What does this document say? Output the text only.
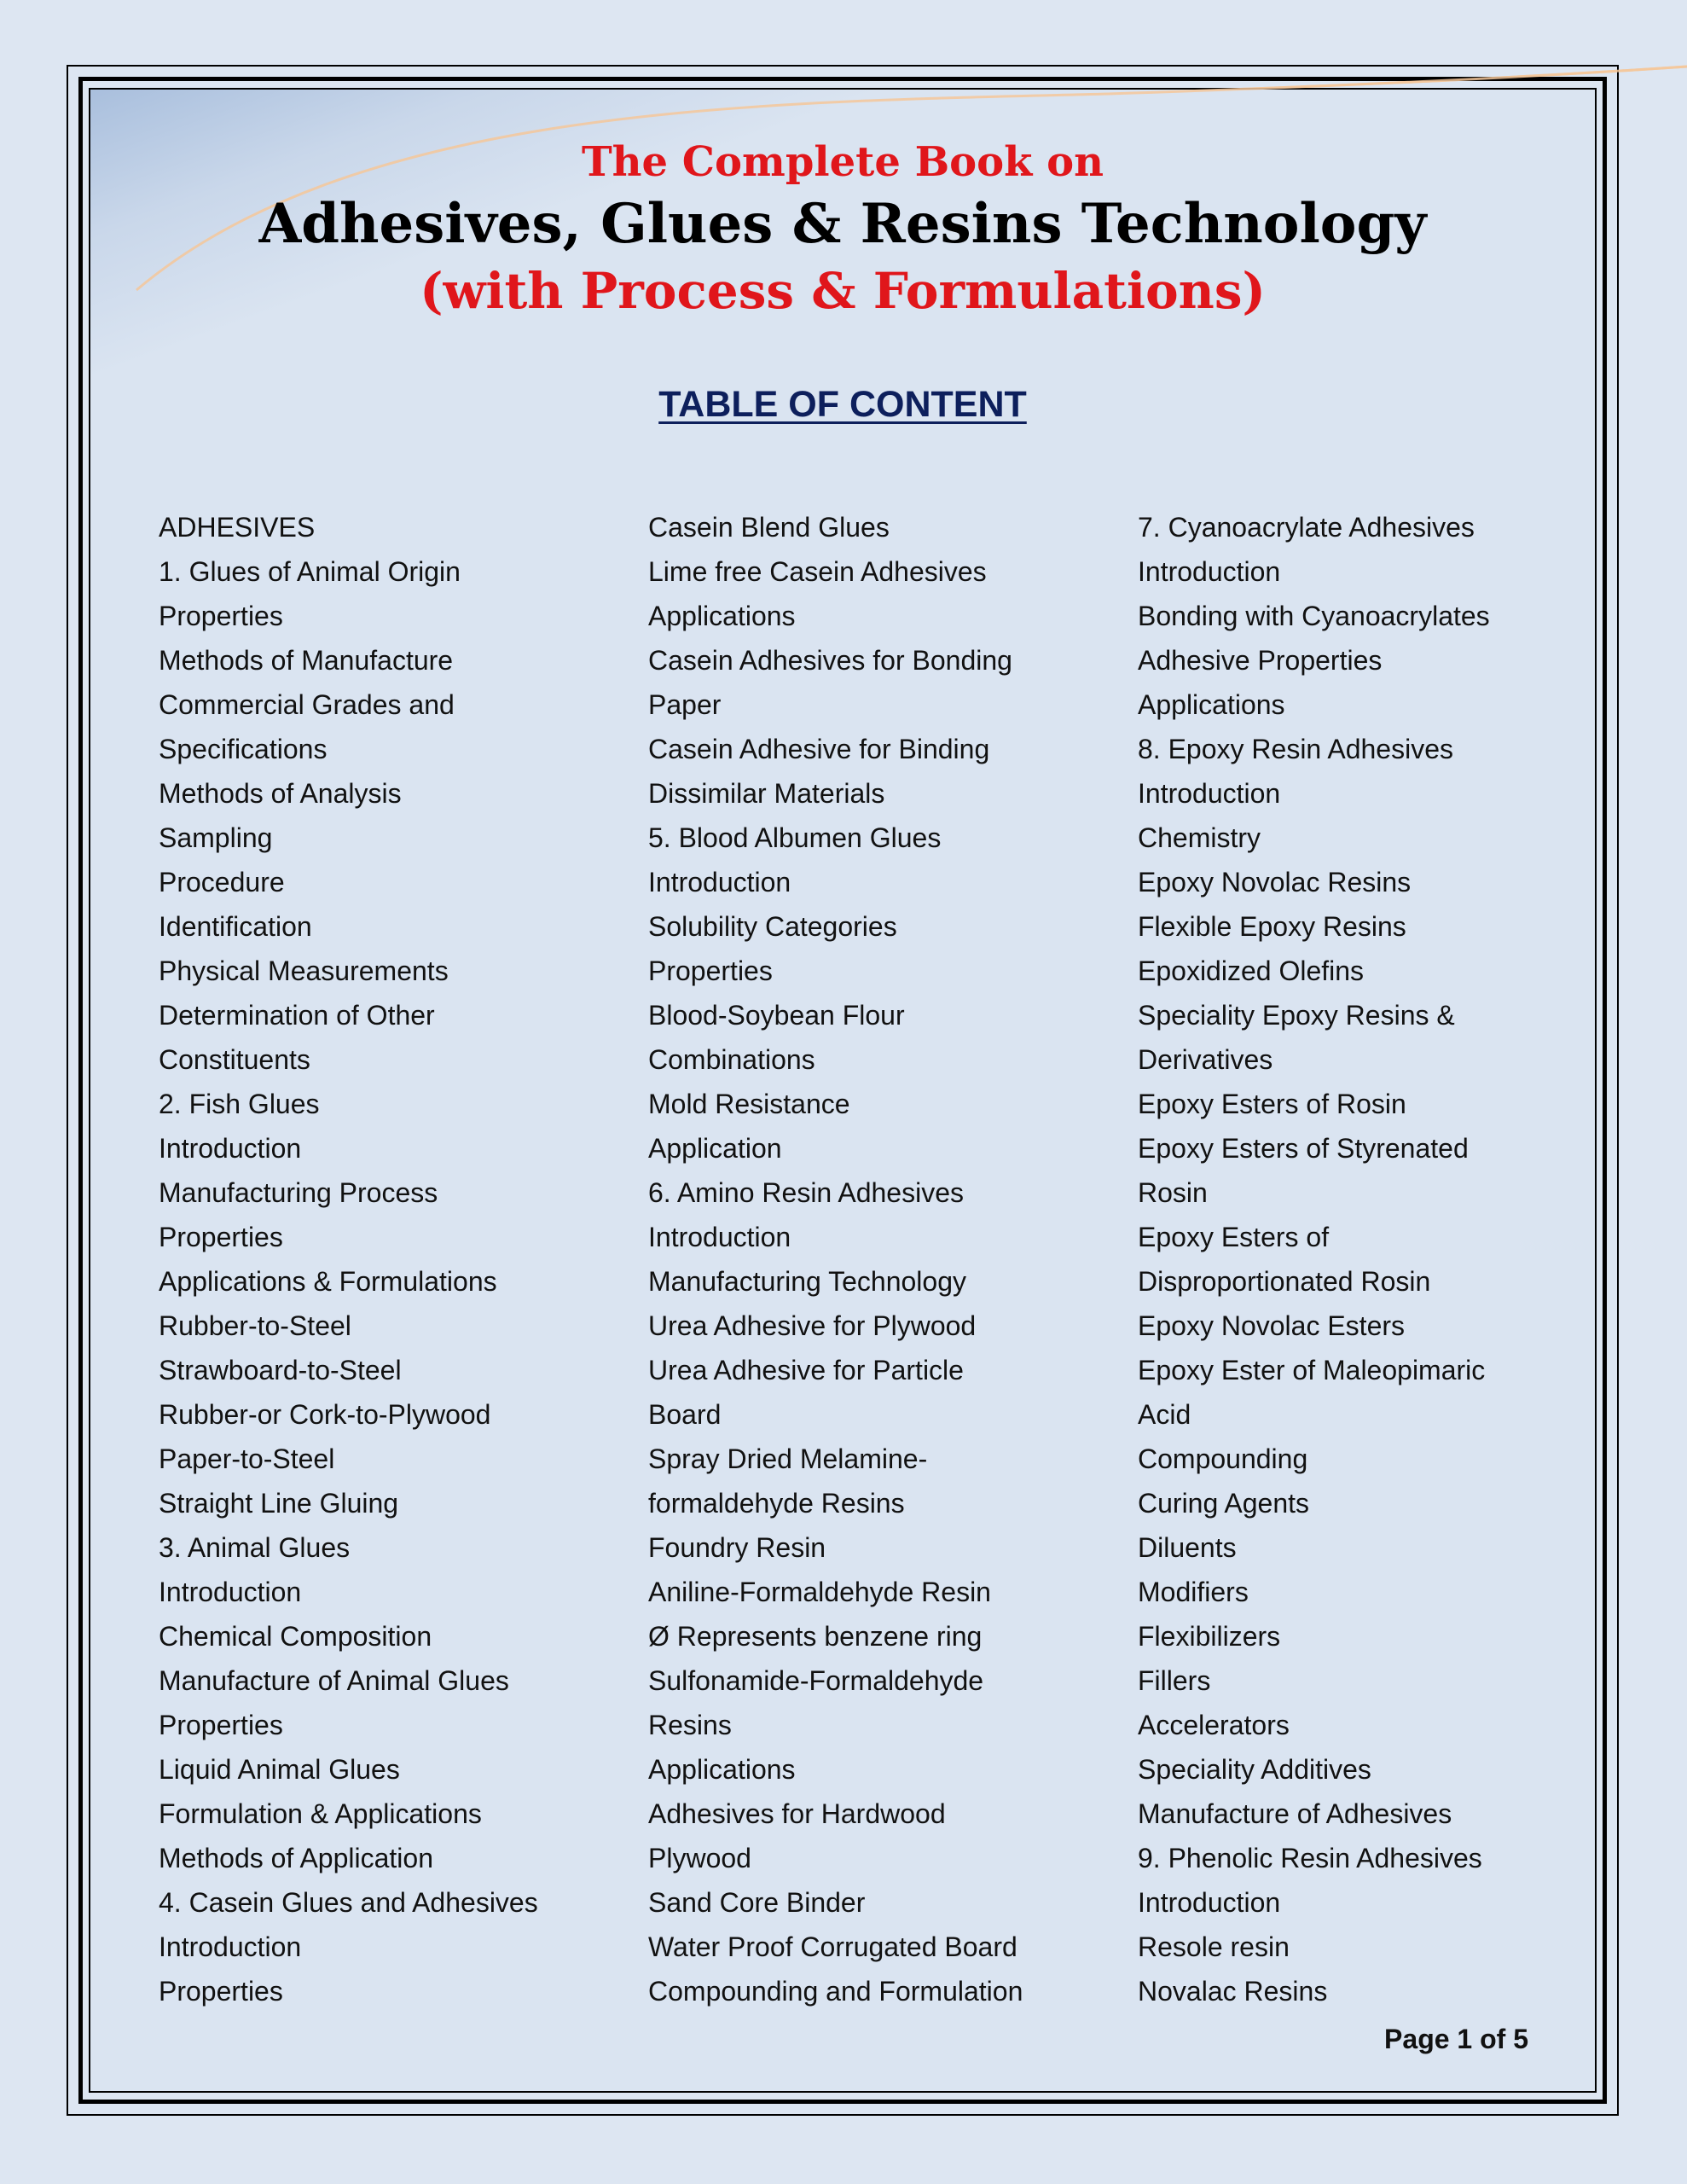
The Complete Book on
Adhesives, Glues & Resins Technology
(with Process & Formulations)
TABLE OF CONTENT
ADHESIVES
1. Glues of Animal Origin
Properties
Methods of Manufacture
Commercial Grades and
Specifications
Methods of Analysis
Sampling
Procedure
Identification
Physical Measurements
Determination of Other
Constituents
2. Fish Glues
Introduction
Manufacturing Process
Properties
Applications & Formulations
Rubber-to-Steel
Strawboard-to-Steel
Rubber-or Cork-to-Plywood
Paper-to-Steel
Straight Line Gluing
3. Animal Glues
Introduction
Chemical Composition
Manufacture of Animal Glues
Properties
Liquid Animal Glues
Formulation & Applications
Methods of Application
4. Casein Glues and Adhesives
Introduction
Properties
Casein Blend Glues
Lime free Casein Adhesives
Applications
Casein Adhesives for Bonding
Paper
Casein Adhesive for Binding
Dissimilar Materials
5. Blood Albumen Glues
Introduction
Solubility Categories
Properties
Blood-Soybean Flour
Combinations
Mold Resistance
Application
6. Amino Resin Adhesives
Introduction
Manufacturing Technology
Urea Adhesive for Plywood
Urea Adhesive for Particle
Board
Spray Dried Melamine-
formaldehyde Resins
Foundry Resin
Aniline-Formaldehyde Resin
Ø Represents benzene ring
Sulfonamide-Formaldehyde
Resins
Applications
Adhesives for Hardwood
Plywood
Sand Core Binder
Water Proof Corrugated Board
Compounding and Formulation
7. Cyanoacrylate Adhesives
Introduction
Bonding with Cyanoacrylates
Adhesive Properties
Applications
8. Epoxy Resin Adhesives
Introduction
Chemistry
Epoxy Novolac Resins
Flexible Epoxy Resins
Epoxidized Olefins
Speciality Epoxy Resins &
Derivatives
Epoxy Esters of Rosin
Epoxy Esters of Styrenated
Rosin
Epoxy Esters of
Disproportionated Rosin
Epoxy Novolac Esters
Epoxy Ester of Maleopimaric
Acid
Compounding
Curing Agents
Diluents
Modifiers
Flexibilizers
Fillers
Accelerators
Speciality Additives
Manufacture of Adhesives
9. Phenolic Resin Adhesives
Introduction
Resole resin
Novalac Resins
Page 1 of 5
